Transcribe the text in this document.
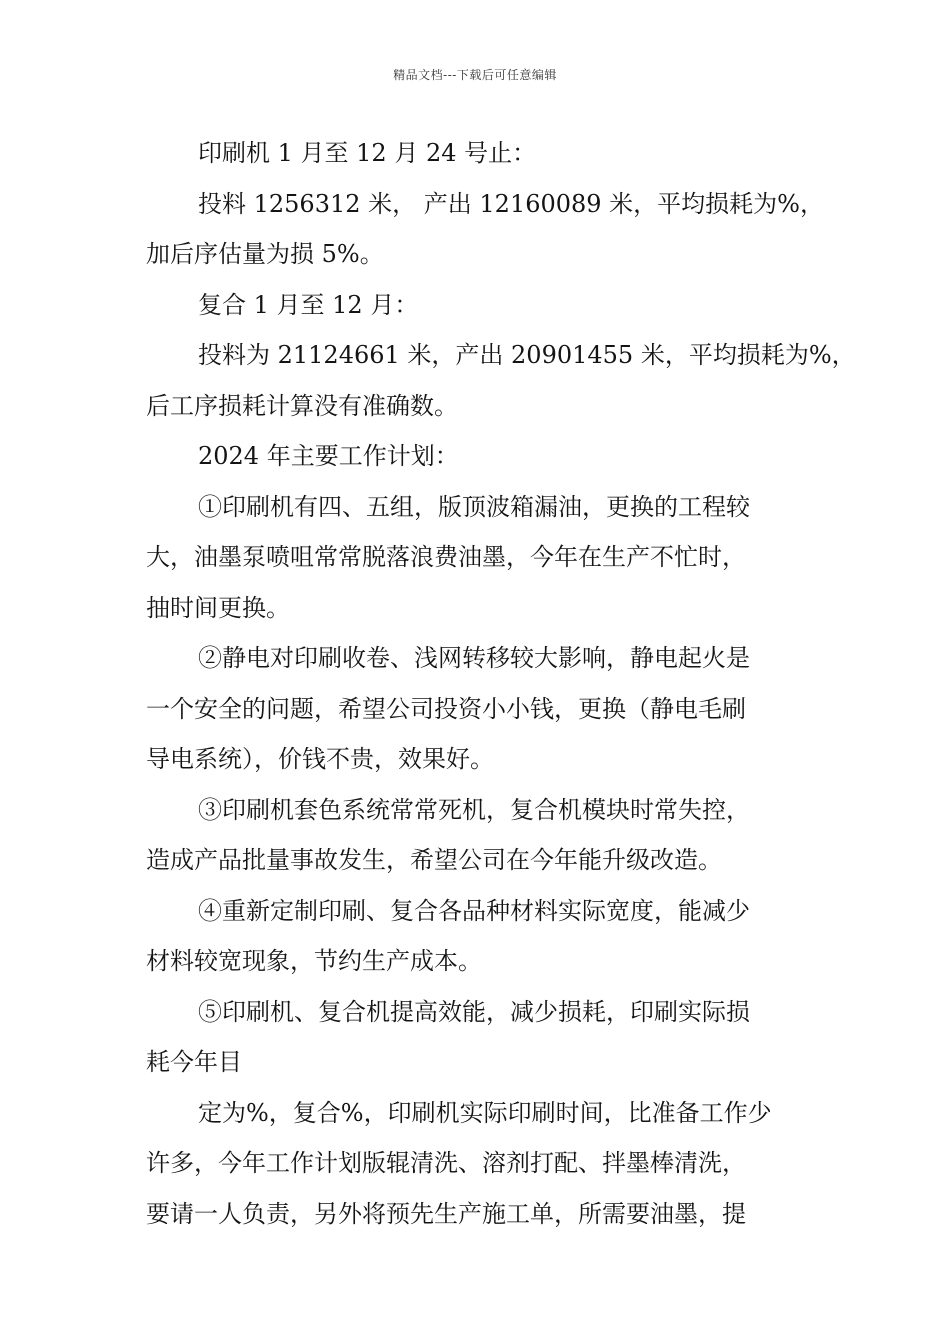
精品文档---下载后可任意编辑
印刷机 1 月至 12 月 24 号止：
投料 1256312 米， 产出 12160089 米，平均损耗为%，
加后序估量为损 5%。
复合 1 月至 12 月：
投料为 21124661 米，产出 20901455 米，平均损耗为%，
后工序损耗计算没有准确数。
2024 年主要工作计划：
①印刷机有四、五组，版顶波箱漏油，更换的工程较
大，油墨泵喷咀常常脱落浪费油墨，今年在生产不忙时，
抽时间更换。
②静电对印刷收卷、浅网转移较大影响，静电起火是
一个安全的问题，希望公司投资小小钱，更换（静电毛刷
导电系统），价钱不贵，效果好。
③印刷机套色系统常常死机，复合机模块时常失控，
造成产品批量事故发生，希望公司在今年能升级改造。
④重新定制印刷、复合各品种材料实际宽度，能减少
材料较宽现象，节约生产成本。
⑤印刷机、复合机提高效能，减少损耗，印刷实际损
耗今年目
定为%，复合%，印刷机实际印刷时间，比准备工作少
许多，今年工作计划版辊清洗、溶剂打配、拌墨棒清洗，
要请一人负责，另外将预先生产施工单，所需要油墨，提
